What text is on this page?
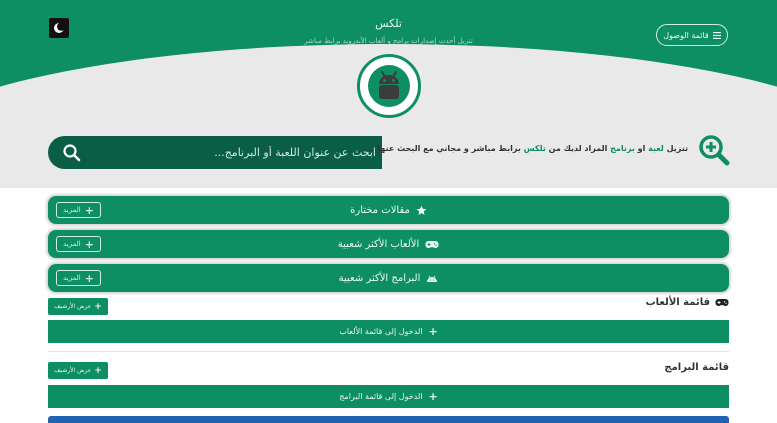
تلكس
تنزيل أحدث إصدارات برامج و ألعاب الأندرويد برابط مباشر
قائمة الوصول
ابحث عن عنوان اللعبة أو البرنامج...
تنزيل لعبة او برنامج المراد لديك من تلكس برابط مباشر و مجاني مع البحث عنها...
مقالات مختارة
+
المزيد
الألعاب الأكثر شعبية
+
المزيد
البرامج الأكثر شعبية
+
المزيد
قائمة الألعاب
+
عرض الأرشيف
+
الدخول إلى قائمة الألعاب
قائمة البرامج
+
عرض الأرشيف
+
الدخول إلى قائمة البرامج
